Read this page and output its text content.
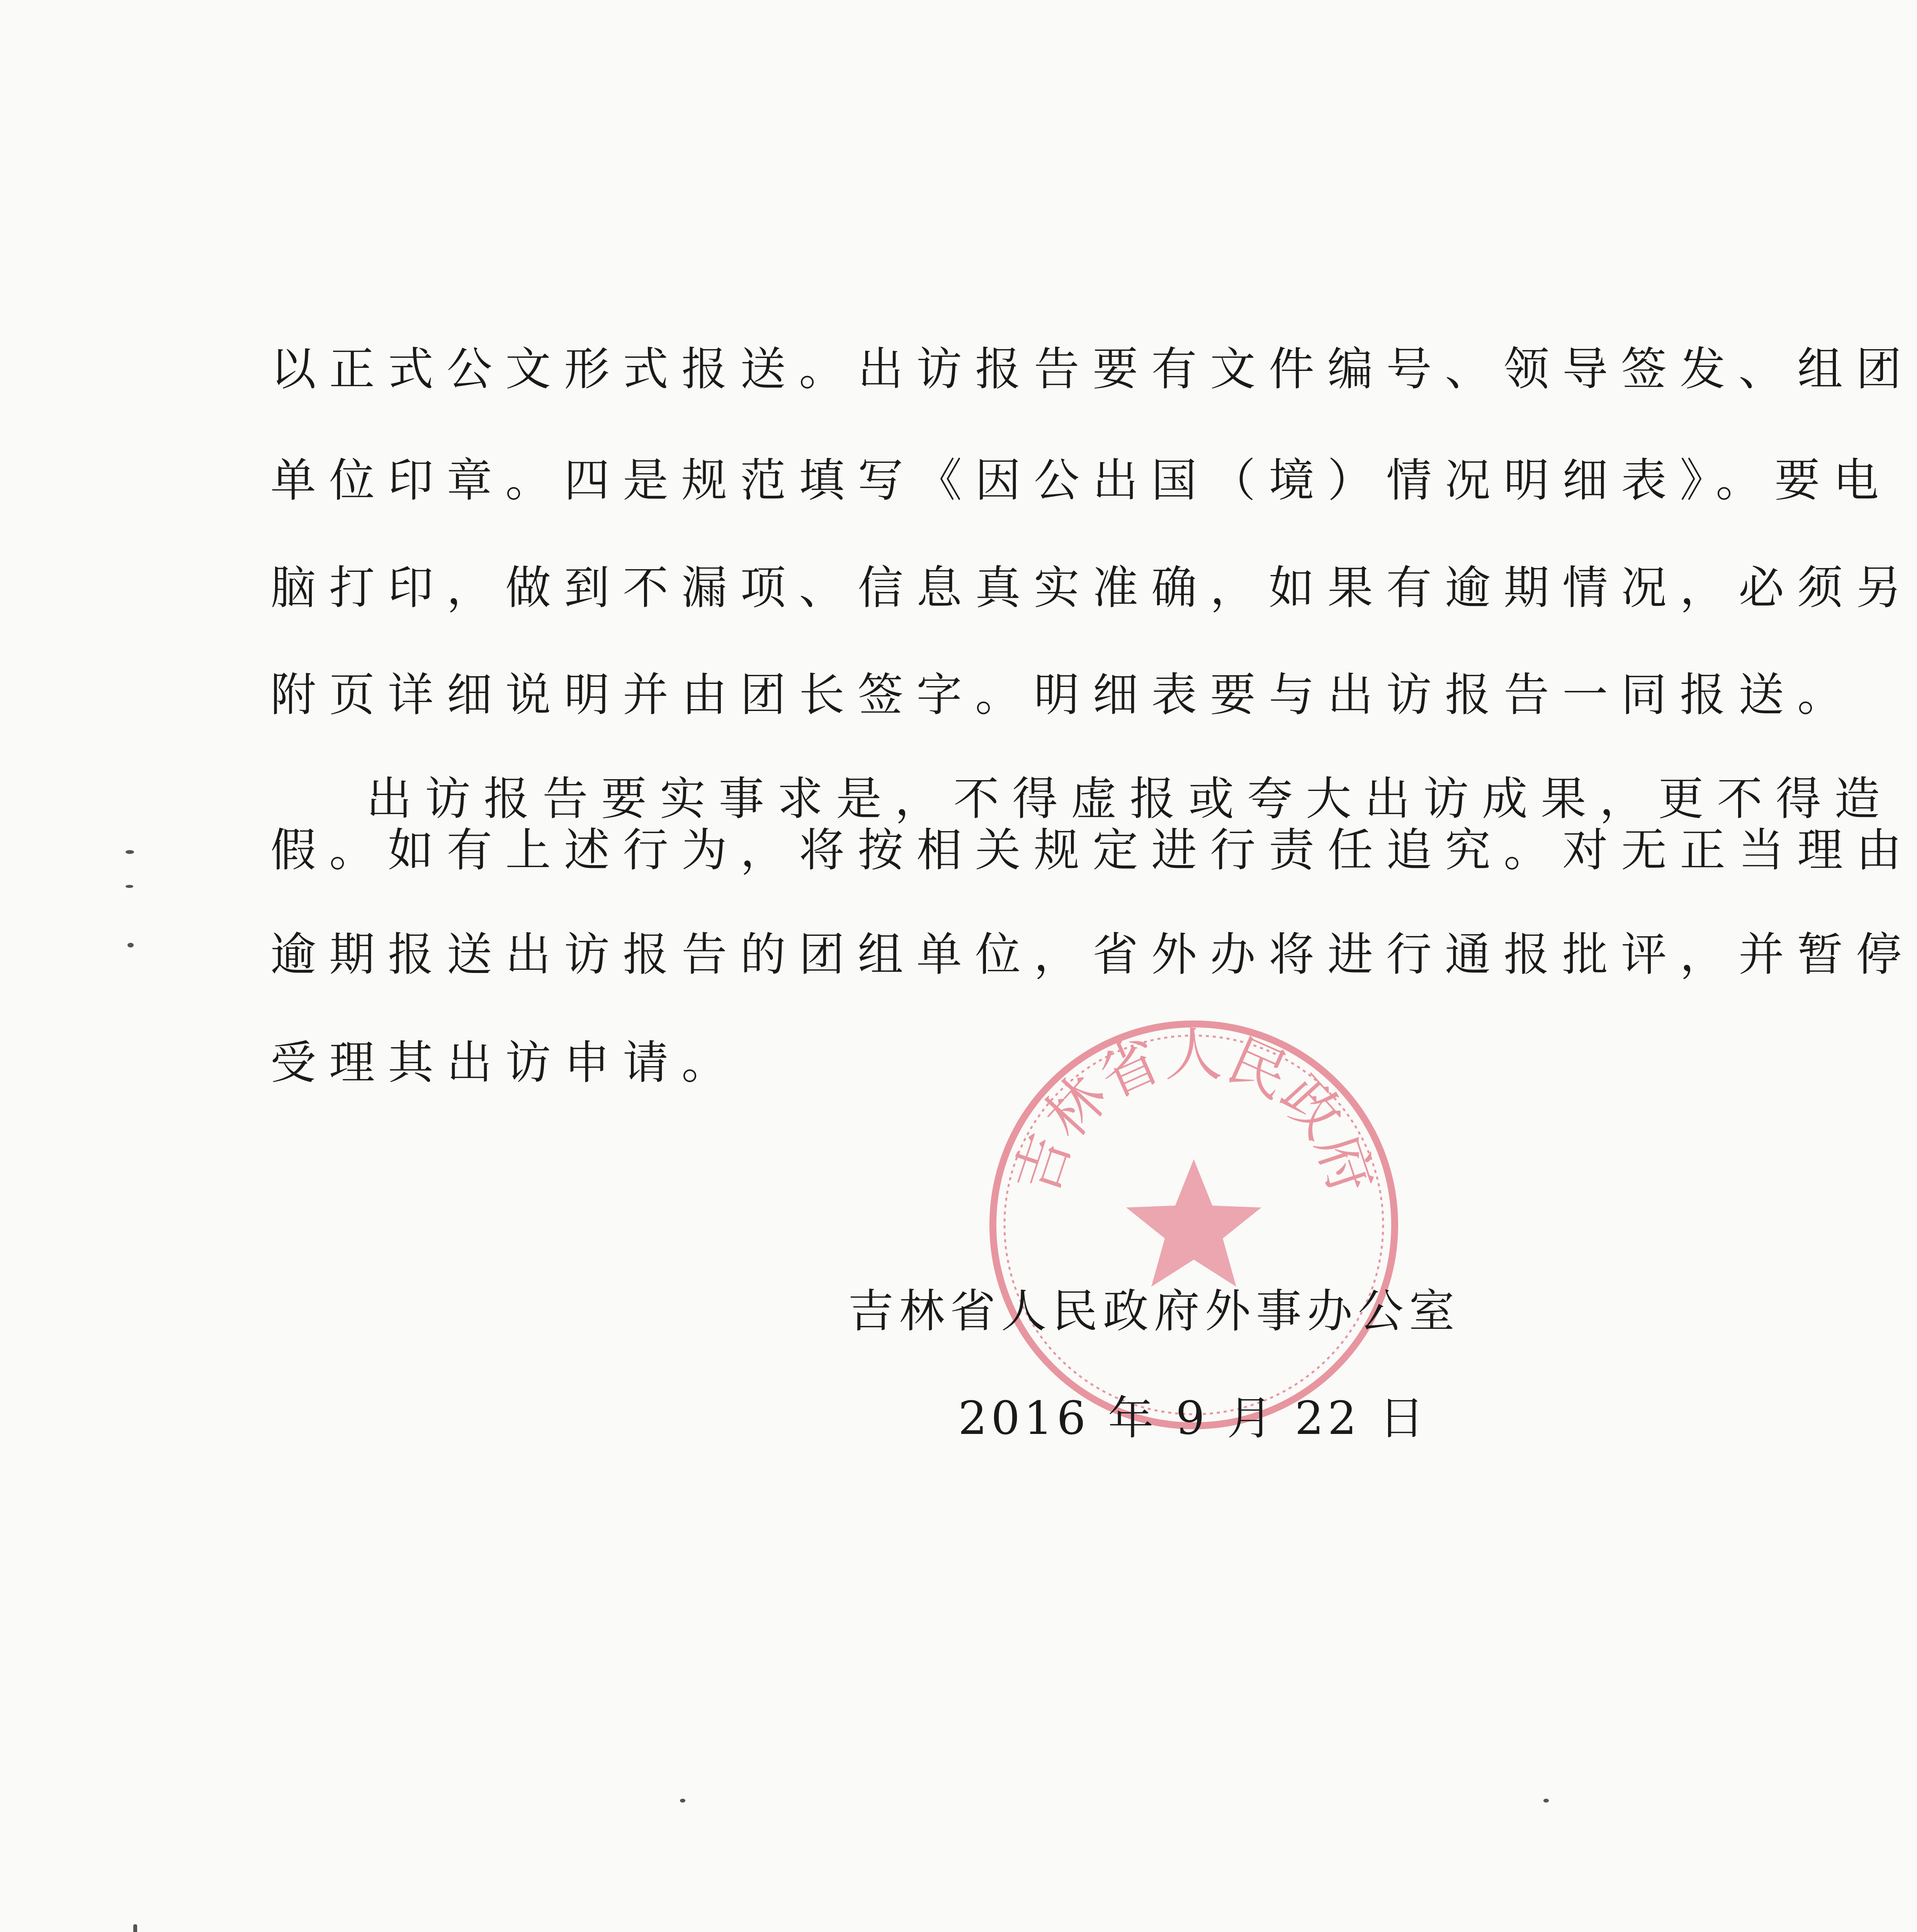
以正式公文形式报送。出访报告要有文件编号、领导签发、组团
单位印章。四是规范填写《因公出国（境）情况明细表》。要电
脑打印，做到不漏项、信息真实准确，如果有逾期情况，必须另
附页详细说明并由团长签字。明细表要与出访报告一同报送。
出访报告要实事求是，不得虚报或夸大出访成果，更不得造
假。如有上述行为，将按相关规定进行责任追究。对无正当理由
逾期报送出访报告的团组单位，省外办将进行通报批评，并暂停
受理其出访申请。
吉林省人民政府
吉林省人民政府外事办公室
2016 年 9 月 22 日
